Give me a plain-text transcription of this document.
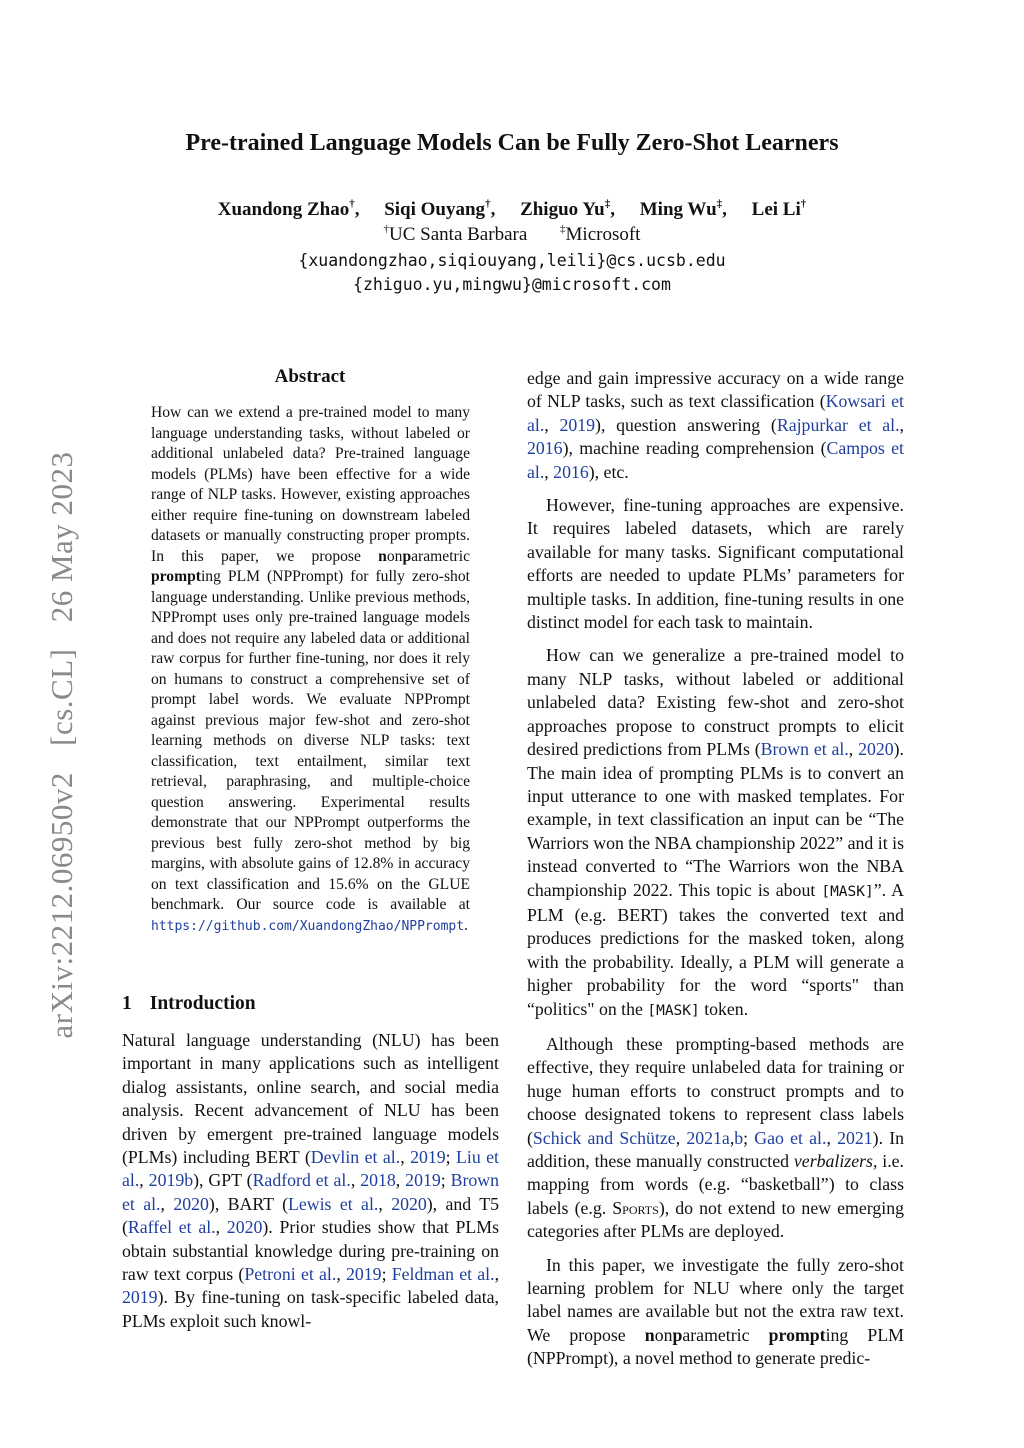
arXiv:2212.06950v2 [cs.CL] 26 May 2023
Pre-trained Language Models Can be Fully Zero-Shot Learners
Xuandong Zhao†, Siqi Ouyang†, Zhiguo Yu‡, Ming Wu‡, Lei Li†
†UC Santa Barbara	‡Microsoft
{xuandongzhao,siqiouyang,leili}@cs.ucsb.edu
{zhiguo.yu,mingwu}@microsoft.com
Abstract
How can we extend a pre-trained model to many language understanding tasks, without labeled or additional unlabeled data? Pre-trained language models (PLMs) have been effective for a wide range of NLP tasks. However, existing approaches either require fine-tuning on downstream labeled datasets or manually constructing proper prompts. In this paper, we propose nonparametric prompting PLM (NPPrompt) for fully zero-shot language understanding. Unlike previous methods, NPPrompt uses only pre-trained language models and does not require any labeled data or additional raw corpus for further fine-tuning, nor does it rely on humans to construct a comprehensive set of prompt label words. We evaluate NPPrompt against previous major few-shot and zero-shot learning methods on diverse NLP tasks: text classification, text entailment, similar text retrieval, paraphrasing, and multiple-choice question answering. Experimental results demonstrate that our NPPrompt outperforms the previous best fully zero-shot method by big margins, with absolute gains of 12.8% in accuracy on text classification and 15.6% on the GLUE benchmark. Our source code is available at https://github.com/XuandongZhao/NPPrompt.
1 Introduction

Natural language understanding (NLU) has been important in many applications such as intelligent dialog assistants, online search, and social media analysis. Recent advancement of NLU has been driven by emergent pre-trained language models (PLMs) including BERT (Devlin et al., 2019; Liu et al., 2019b), GPT (Radford et al., 2018, 2019; Brown et al., 2020), BART (Lewis et al., 2020), and T5 (Raffel et al., 2020). Prior studies show that PLMs obtain substantial knowledge during pre-training on raw text corpus (Petroni et al., 2019; Feldman et al., 2019). By fine-tuning on task-specific labeled data, PLMs exploit such knowl-

edge and gain impressive accuracy on a wide range of NLP tasks, such as text classification (Kowsari et al., 2019), question answering (Rajpurkar et al., 2016), machine reading comprehension (Campos et al., 2016), etc.

However, fine-tuning approaches are expensive. It requires labeled datasets, which are rarely available for many tasks. Significant computational efforts are needed to update PLMs’ parameters for multiple tasks. In addition, fine-tuning results in one distinct model for each task to maintain.

How can we generalize a pre-trained model to many NLP tasks, without labeled or additional unlabeled data? Existing few-shot and zero-shot approaches propose to construct prompts to elicit desired predictions from PLMs (Brown et al., 2020). The main idea of prompting PLMs is to convert an input utterance to one with masked templates. For example, in text classification an input can be “The Warriors won the NBA championship 2022” and it is instead converted to “The Warriors won the NBA championship 2022. This topic is about [MASK]”. A PLM (e.g. BERT) takes the converted text and produces predictions for the masked token, along with the probability. Ideally, a PLM will generate a higher probability for the word “sports" than “politics" on the [MASK] token.

Although these prompting-based methods are effective, they require unlabeled data for training or huge human efforts to construct prompts and to choose designated tokens to represent class labels (Schick and Schütze, 2021a,b; Gao et al., 2021). In addition, these manually constructed verbalizers, i.e. mapping from words (e.g. “basketball”) to class labels (e.g. Sports), do not extend to new emerging categories after PLMs are deployed.

In this paper, we investigate the fully zero-shot learning problem for NLU where only the target label names are available but not the extra raw text. We propose nonparametric prompting PLM (NPPrompt), a novel method to generate predic-
